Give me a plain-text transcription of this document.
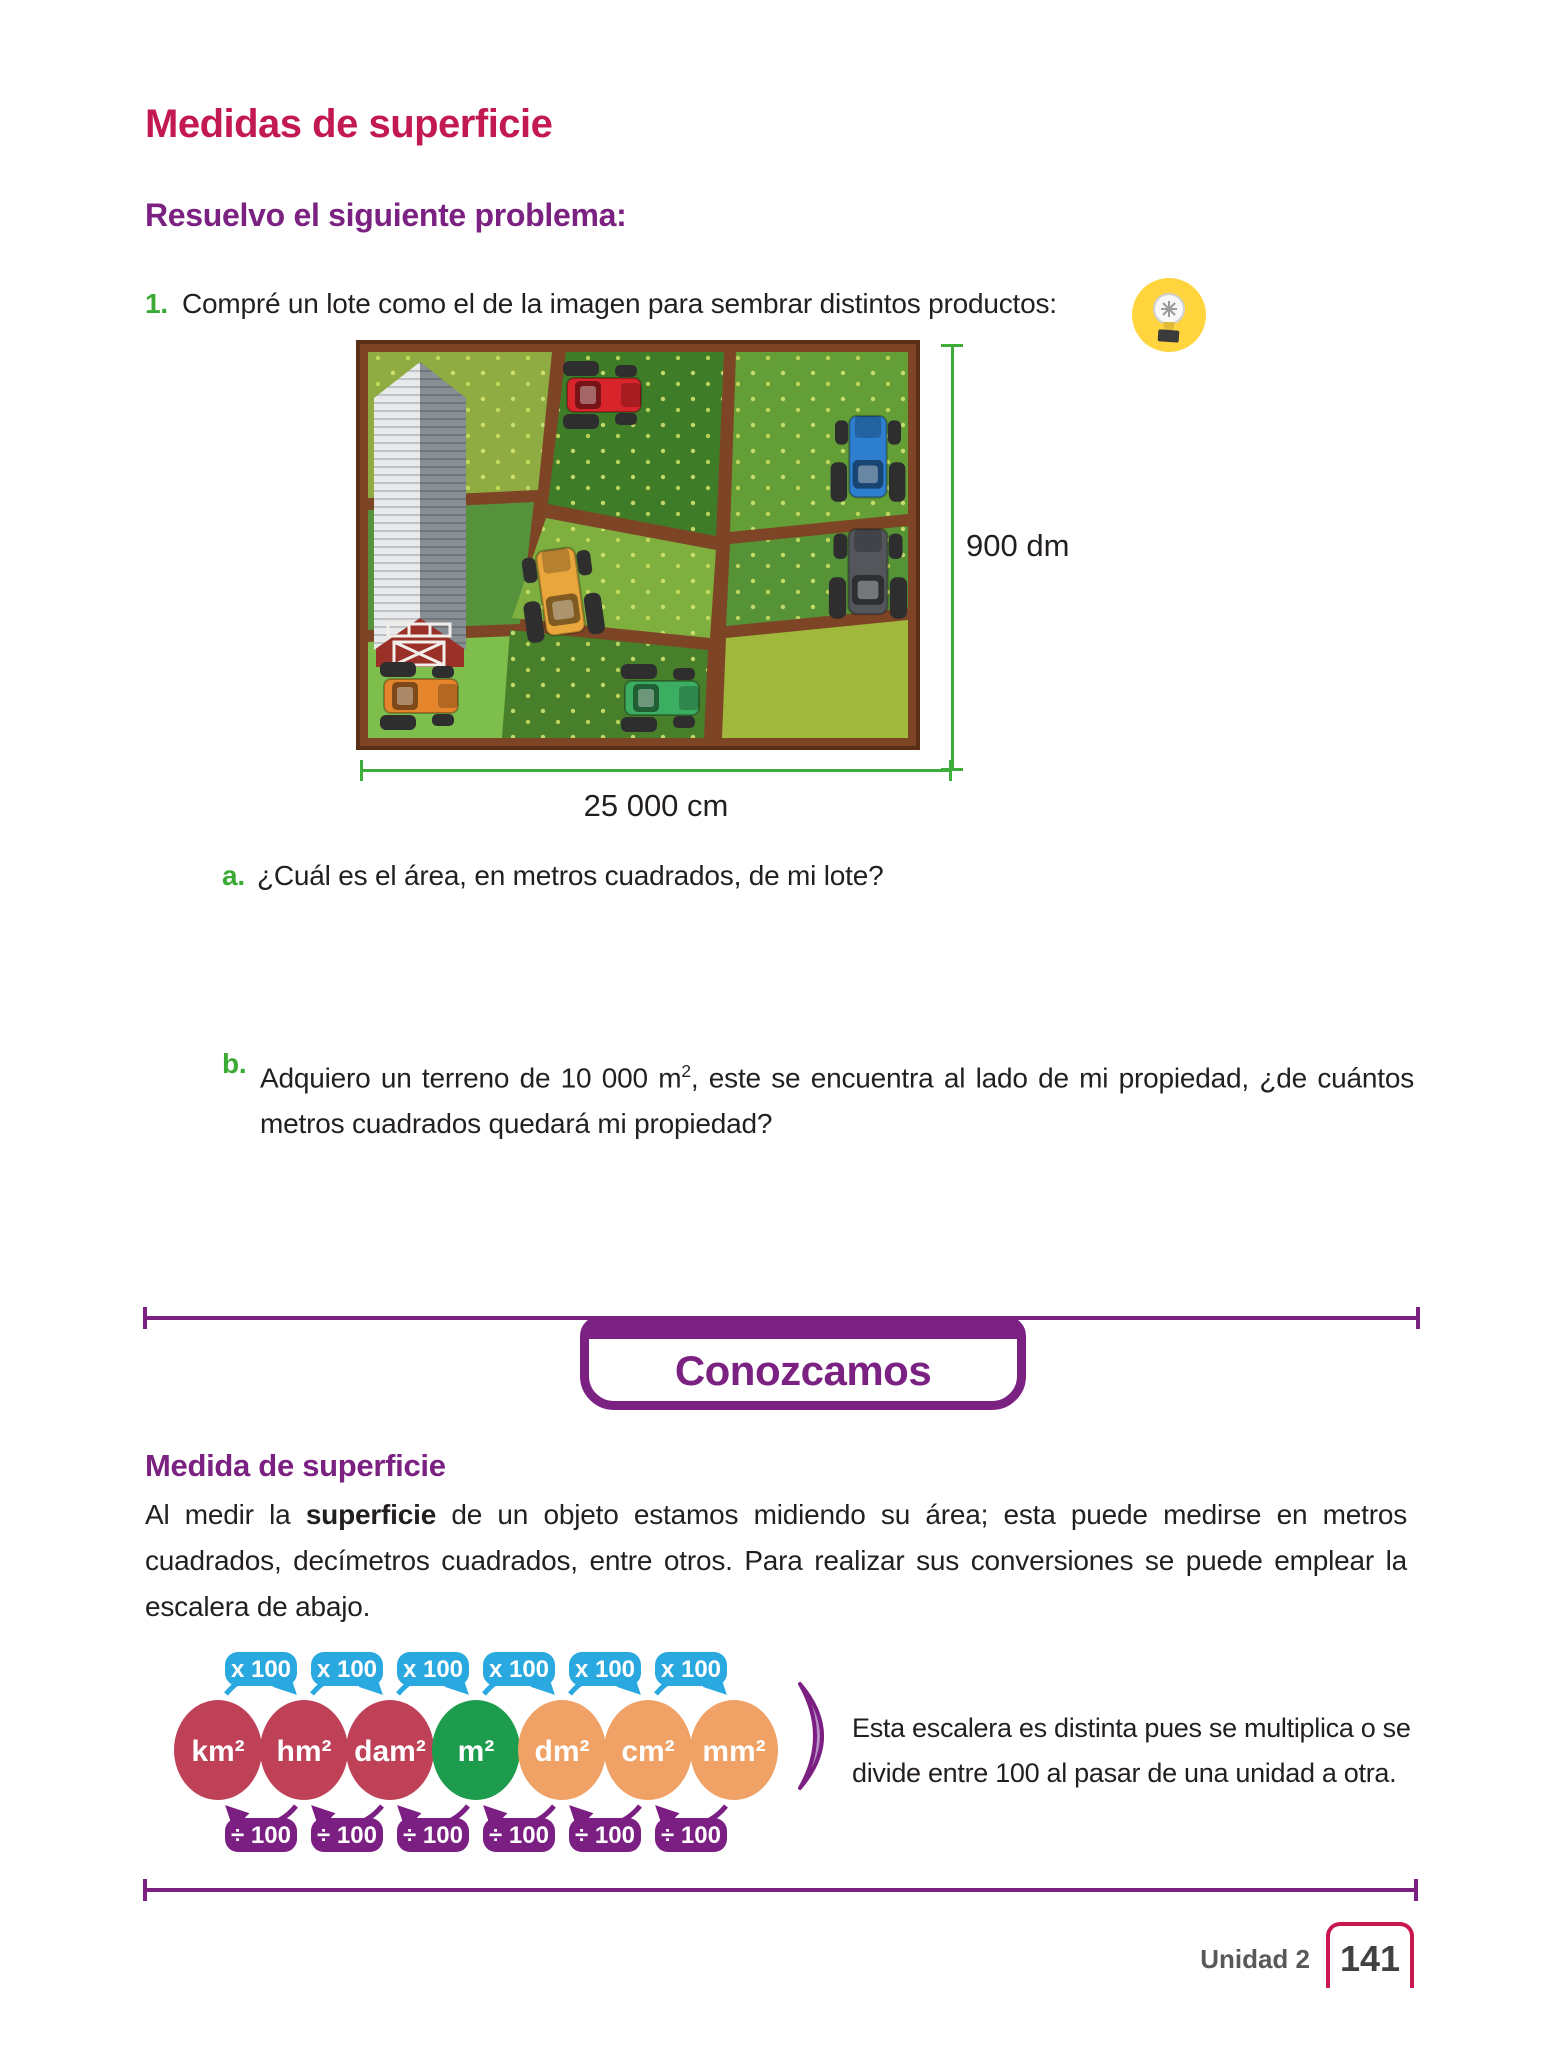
Medidas de superficie
Resuelvo el siguiente problema:
1. Compré un lote como el de la imagen para sembrar distintos productos:
900 dm
25 000 cm
a. ¿Cuál es el área, en metros cuadrados, de mi lote?
b. Adquiero un terreno de 10 000 $m^2$, este se encuentra al lado de mi propiedad, ¿de cuántos metros cuadrados quedará mi propiedad?
Conozcamos
Medida de superficie
Al medir la superficie de un objeto estamos midiendo su área; esta puede medirse en metros cuadrados, decímetros cuadrados, entre otros. Para realizar sus conversiones se puede emplear la escalera de abajo.
x 100
÷ 100
x 100
÷ 100
x 100
÷ 100
x 100
÷ 100
x 100
÷ 100
x 100
÷ 100
km² hm² dam² m² dm² cm² mm²
Esta escalera es distinta pues se multiplica o se
divide entre 100 al pasar de una unidad a otra.
Unidad 2 141
